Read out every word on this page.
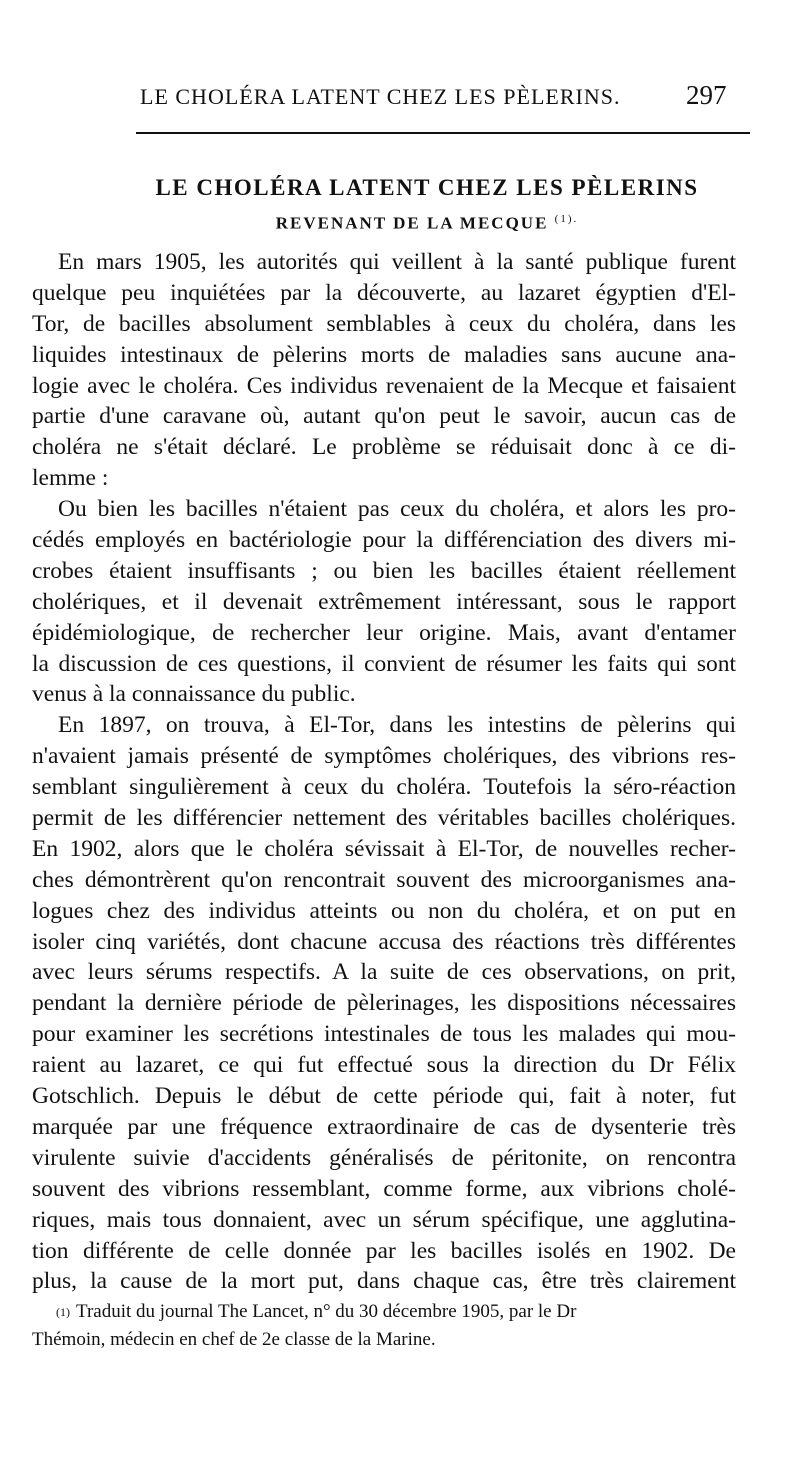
LE CHOLÉRA LATENT CHEZ LES PÈLERINS. 297
LE CHOLÉRA LATENT CHEZ LES PÈLERINS
REVENANT DE LA MECQUE $^{(1).}$
En mars 1905, les autorités qui veillent à la santé publique furent
quelque peu inquiétées par la découverte, au lazaret égyptien d'El-
Tor, de bacilles absolument semblables à ceux du choléra, dans les
liquides intestinaux de pèlerins morts de maladies sans aucune ana-
logie avec le choléra. Ces individus revenaient de la Mecque et faisaient
partie d'une caravane où, autant qu'on peut le savoir, aucun cas de
choléra ne s'était déclaré. Le problème se réduisait donc à ce di-
lemme :
Ou bien les bacilles n'étaient pas ceux du choléra, et alors les pro-
cédés employés en bactériologie pour la différenciation des divers mi-
crobes étaient insuffisants ; ou bien les bacilles étaient réellement
cholériques, et il devenait extrêmement intéressant, sous le rapport
épidémiologique, de rechercher leur origine. Mais, avant d'entamer
la discussion de ces questions, il convient de résumer les faits qui sont
venus à la connaissance du public.
En 1897, on trouva, à El-Tor, dans les intestins de pèlerins qui
n'avaient jamais présenté de symptômes cholériques, des vibrions res-
semblant singulièrement à ceux du choléra. Toutefois la séro-réaction
permit de les différencier nettement des véritables bacilles cholériques.
En 1902, alors que le choléra sévissait à El-Tor, de nouvelles recher-
ches démontrèrent qu'on rencontrait souvent des microorganismes ana-
logues chez des individus atteints ou non du choléra, et on put en
isoler cinq variétés, dont chacune accusa des réactions très différentes
avec leurs sérums respectifs. A la suite de ces observations, on prit,
pendant la dernière période de pèlerinages, les dispositions nécessaires
pour examiner les secrétions intestinales de tous les malades qui mou-
raient au lazaret, ce qui fut effectué sous la direction du Dr Félix
Gotschlich. Depuis le début de cette période qui, fait à noter, fut
marquée par une fréquence extraordinaire de cas de dysenterie très
virulente suivie d'accidents généralisés de péritonite, on rencontra
souvent des vibrions ressemblant, comme forme, aux vibrions cholé-
riques, mais tous donnaient, avec un sérum spécifique, une agglutina-
tion différente de celle donnée par les bacilles isolés en 1902. De
plus, la cause de la mort put, dans chaque cas, être très clairement
$^{(1)}$ Traduit du journal The Lancet, n° du 30 décembre 1905, par le Dr
Thémoin, médecin en chef de 2e classe de la Marine.
